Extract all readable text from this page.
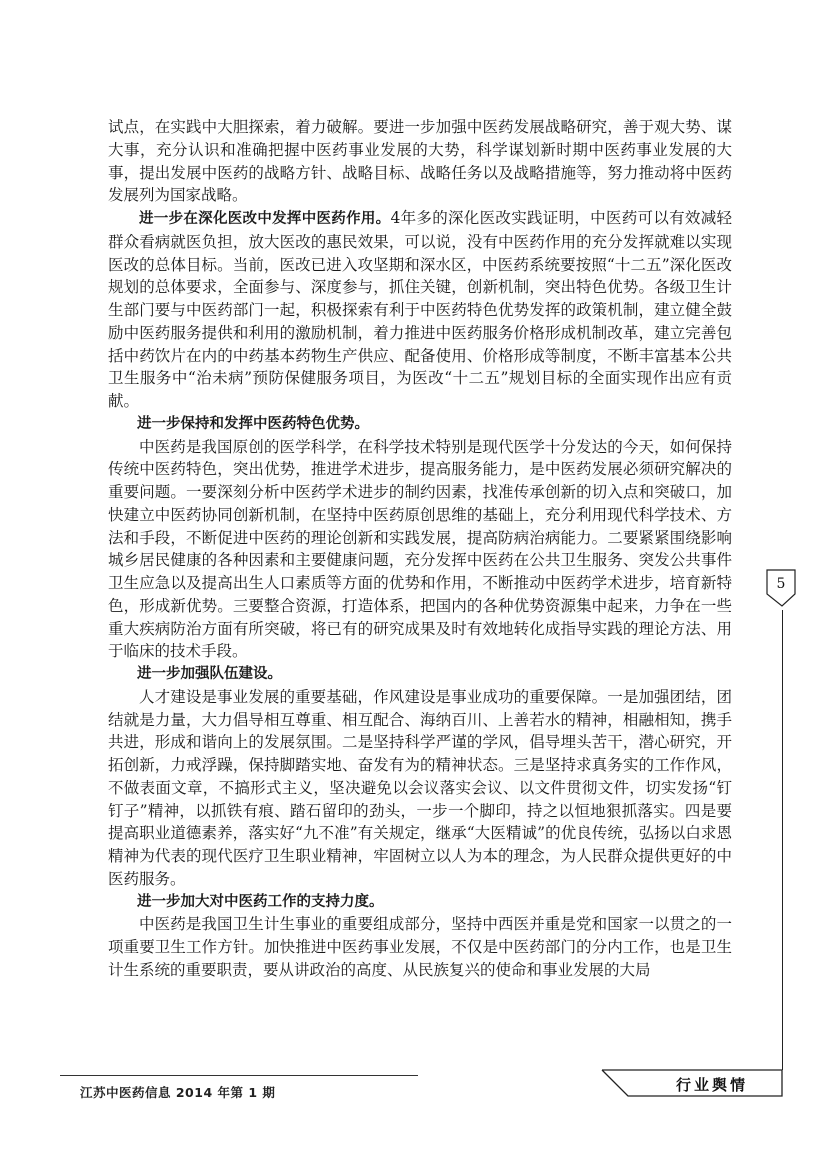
试点，在实践中大胆探索，着力破解。要进一步加强中医药发展战略研究，善于观大势、谋大事，充分认识和准确把握中医药事业发展的大势，科学谋划新时期中医药事业发展的大事，提出发展中医药的战略方针、战略目标、战略任务以及战略措施等，努力推动将中医药发展列为国家战略。

进一步在深化医改中发挥中医药作用。4年多的深化医改实践证明，中医药可以有效减轻群众看病就医负担，放大医改的惠民效果，可以说，没有中医药作用的充分发挥就难以实现医改的总体目标。当前，医改已进入攻坚期和深水区，中医药系统要按照“十二五”深化医改规划的总体要求，全面参与、深度参与，抓住关键，创新机制，突出特色优势。各级卫生计生部门要与中医药部门一起，积极探索有利于中医药特色优势发挥的政策机制，建立健全鼓励中医药服务提供和利用的激励机制，着力推进中医药服务价格形成机制改革，建立完善包括中药饮片在内的中药基本药物生产供应、配备使用、价格形成等制度，不断丰富基本公共卫生服务中“治未病”预防保健服务项目，为医改“十二五”规划目标的全面实现作出应有贡献。

进一步保持和发挥中医药特色优势。

中医药是我国原创的医学科学，在科学技术特别是现代医学十分发达的今天，如何保持传统中医药特色，突出优势，推进学术进步，提高服务能力，是中医药发展必须研究解决的重要问题。一要深刻分析中医药学术进步的制约因素，找准传承创新的切入点和突破口，加快建立中医药协同创新机制，在坚持中医药原创思维的基础上，充分利用现代科学技术、方法和手段，不断促进中医药的理论创新和实践发展，提高防病治病能力。二要紧紧围绕影响城乡居民健康的各种因素和主要健康问题，充分发挥中医药在公共卫生服务、突发公共事件卫生应急以及提高出生人口素质等方面的优势和作用，不断推动中医药学术进步，培育新特色，形成新优势。三要整合资源，打造体系，把国内的各种优势资源集中起来，力争在一些重大疾病防治方面有所突破，将已有的研究成果及时有效地转化成指导实践的理论方法、用于临床的技术手段。

进一步加强队伍建设。

人才建设是事业发展的重要基础，作风建设是事业成功的重要保障。一是加强团结，团结就是力量，大力倡导相互尊重、相互配合、海纳百川、上善若水的精神，相融相知，携手共进，形成和谐向上的发展氛围。二是坚持科学严谨的学风，倡导埋头苦干，潜心研究，开拓创新，力戒浮躁，保持脚踏实地、奋发有为的精神状态。三是坚持求真务实的工作作风，不做表面文章，不搞形式主义，坚决避免以会议落实会议、以文件贯彻文件，切实发扬“钉钉子”精神，以抓铁有痕、踏石留印的劲头，一步一个脚印，持之以恒地狠抓落实。四是要提高职业道德素养，落实好“九不准”有关规定，继承“大医精诚”的优良传统，弘扬以白求恩精神为代表的现代医疗卫生职业精神，牢固树立以人为本的理念，为人民群众提供更好的中医药服务。

进一步加大对中医药工作的支持力度。

中医药是我国卫生计生事业的重要组成部分，坚持中西医并重是党和国家一以贯之的一项重要卫生工作方针。加快推进中医药事业发展，不仅是中医药部门的分内工作，也是卫生计生系统的重要职责，要从讲政治的高度、从民族复兴的使命和事业发展的大局

5
江苏中医药信息 2014 年第 1 期	行业舆情
